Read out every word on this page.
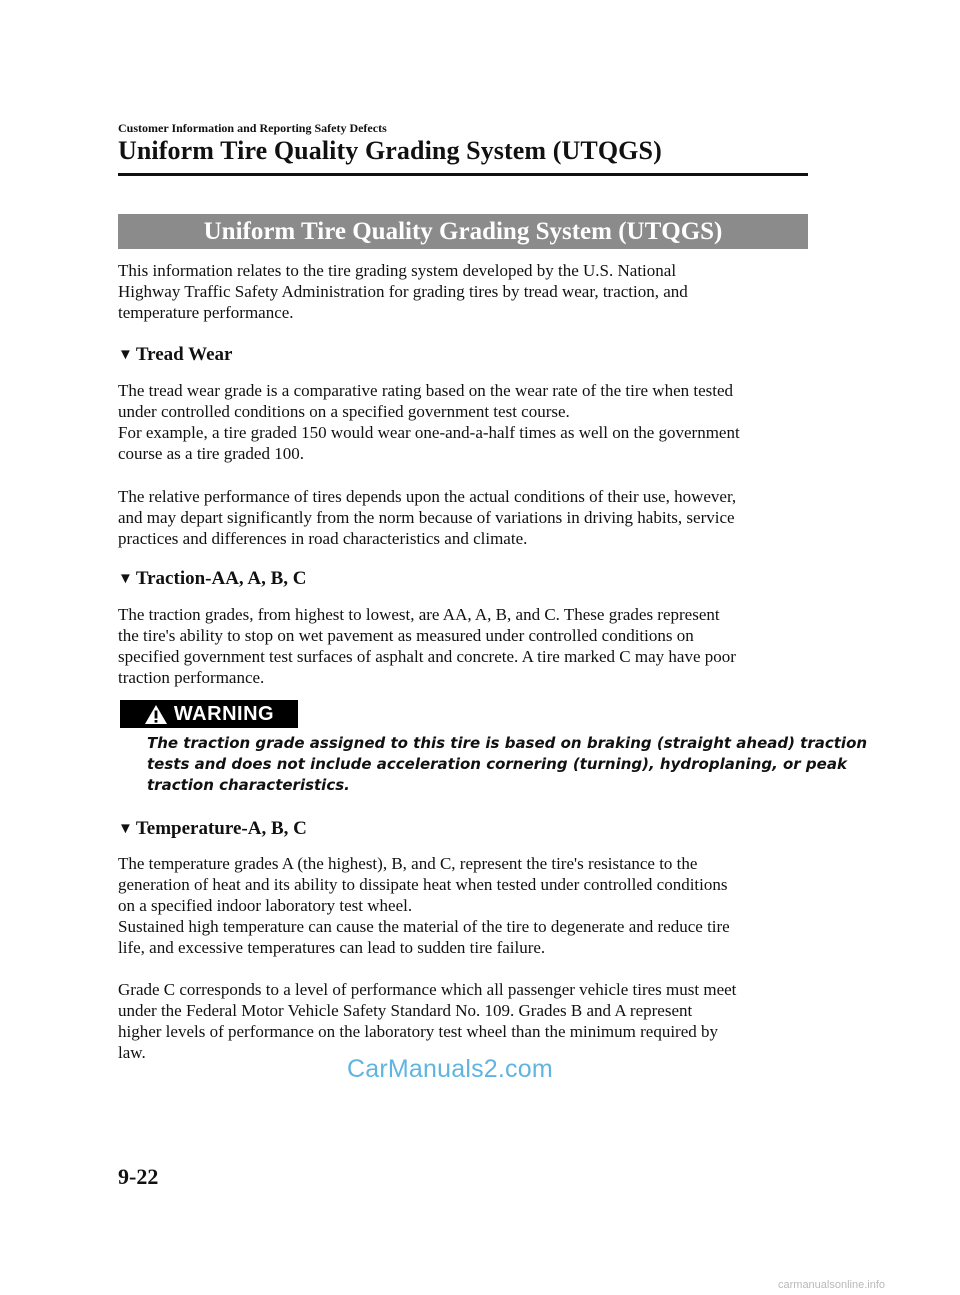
Customer Information and Reporting Safety Defects
Uniform Tire Quality Grading System (UTQGS)
Uniform Tire Quality Grading System (UTQGS)
This information relates to the tire grading system developed by the U.S. National
Highway Traffic Safety Administration for grading tires by tread wear, traction, and
temperature performance.
▼ Tread Wear
The tread wear grade is a comparative rating based on the wear rate of the tire when tested
under controlled conditions on a specified government test course.
For example, a tire graded 150 would wear one-and-a-half times as well on the government
course as a tire graded 100.
The relative performance of tires depends upon the actual conditions of their use, however,
and may depart significantly from the norm because of variations in driving habits, service
practices and differences in road characteristics and climate.
▼ Traction-AA, A, B, C
The traction grades, from highest to lowest, are AA, A, B, and C. These grades represent
the tire's ability to stop on wet pavement as measured under controlled conditions on
specified government test surfaces of asphalt and concrete. A tire marked C may have poor
traction performance.
WARNING
The traction grade assigned to this tire is based on braking (straight ahead) traction
tests and does not include acceleration cornering (turning), hydroplaning, or peak
traction characteristics.
▼ Temperature-A, B, C
The temperature grades A (the highest), B, and C, represent the tire's resistance to the
generation of heat and its ability to dissipate heat when tested under controlled conditions
on a specified indoor laboratory test wheel.
Sustained high temperature can cause the material of the tire to degenerate and reduce tire
life, and excessive temperatures can lead to sudden tire failure.
Grade C corresponds to a level of performance which all passenger vehicle tires must meet
under the Federal Motor Vehicle Safety Standard No. 109. Grades B and A represent
higher levels of performance on the laboratory test wheel than the minimum required by
law.
CarManuals2.com
9-22
carmanualsonline.info
